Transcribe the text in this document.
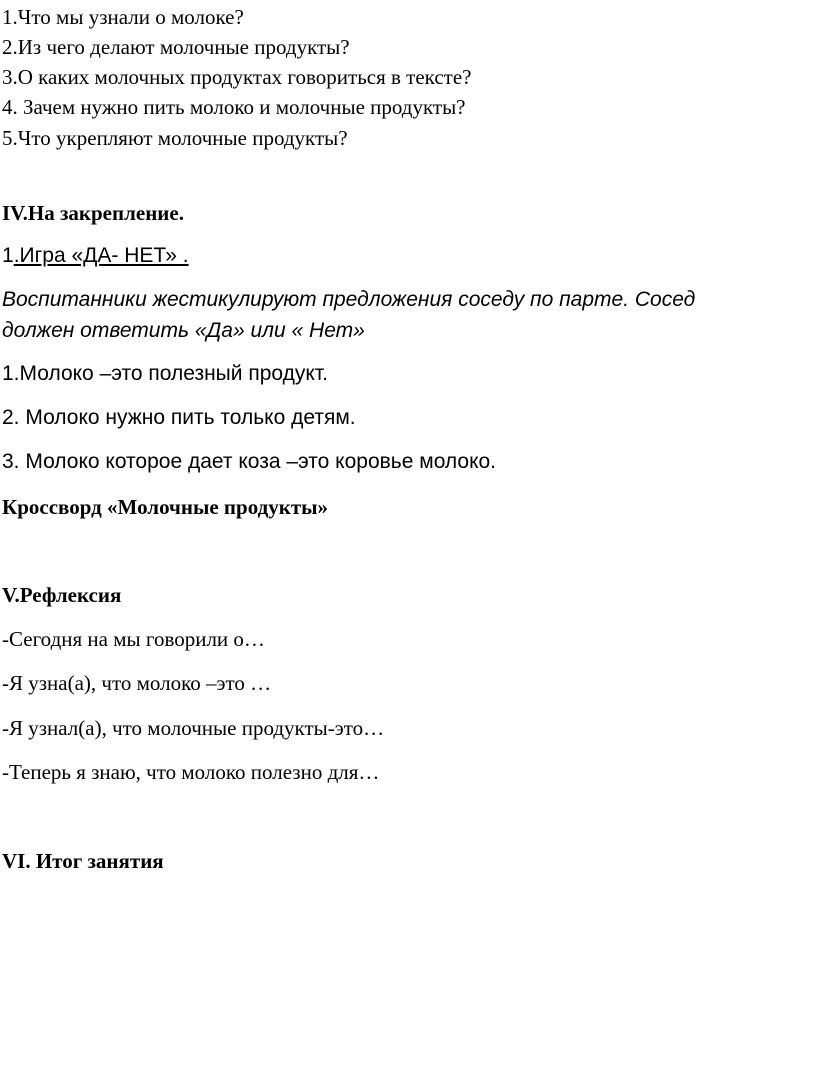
1.Что мы узнали о молоке?
2.Из чего делают молочные продукты?
3.О каких молочных продуктах говориться в тексте?
4. Зачем нужно пить молоко и молочные продукты?
5.Что укрепляют молочные продукты?
IV.На закрепление.
1.Игра «ДА- НЕТ» .
Воспитанники жестикулируют предложения соседу по парте. Сосед
должен ответить «Да» или « Нет»
1.Молоко –это полезный продукт.
2. Молоко нужно пить только детям.
3. Молоко которое дает коза –это коровье молоко.
Кроссворд «Молочные продукты»
V.Рефлексия
-Сегодня на мы говорили о…
-Я узна(а), что молоко –это …
-Я узнал(а), что молочные продукты-это…
-Теперь я знаю, что молоко полезно для…
VI. Итог занятия
